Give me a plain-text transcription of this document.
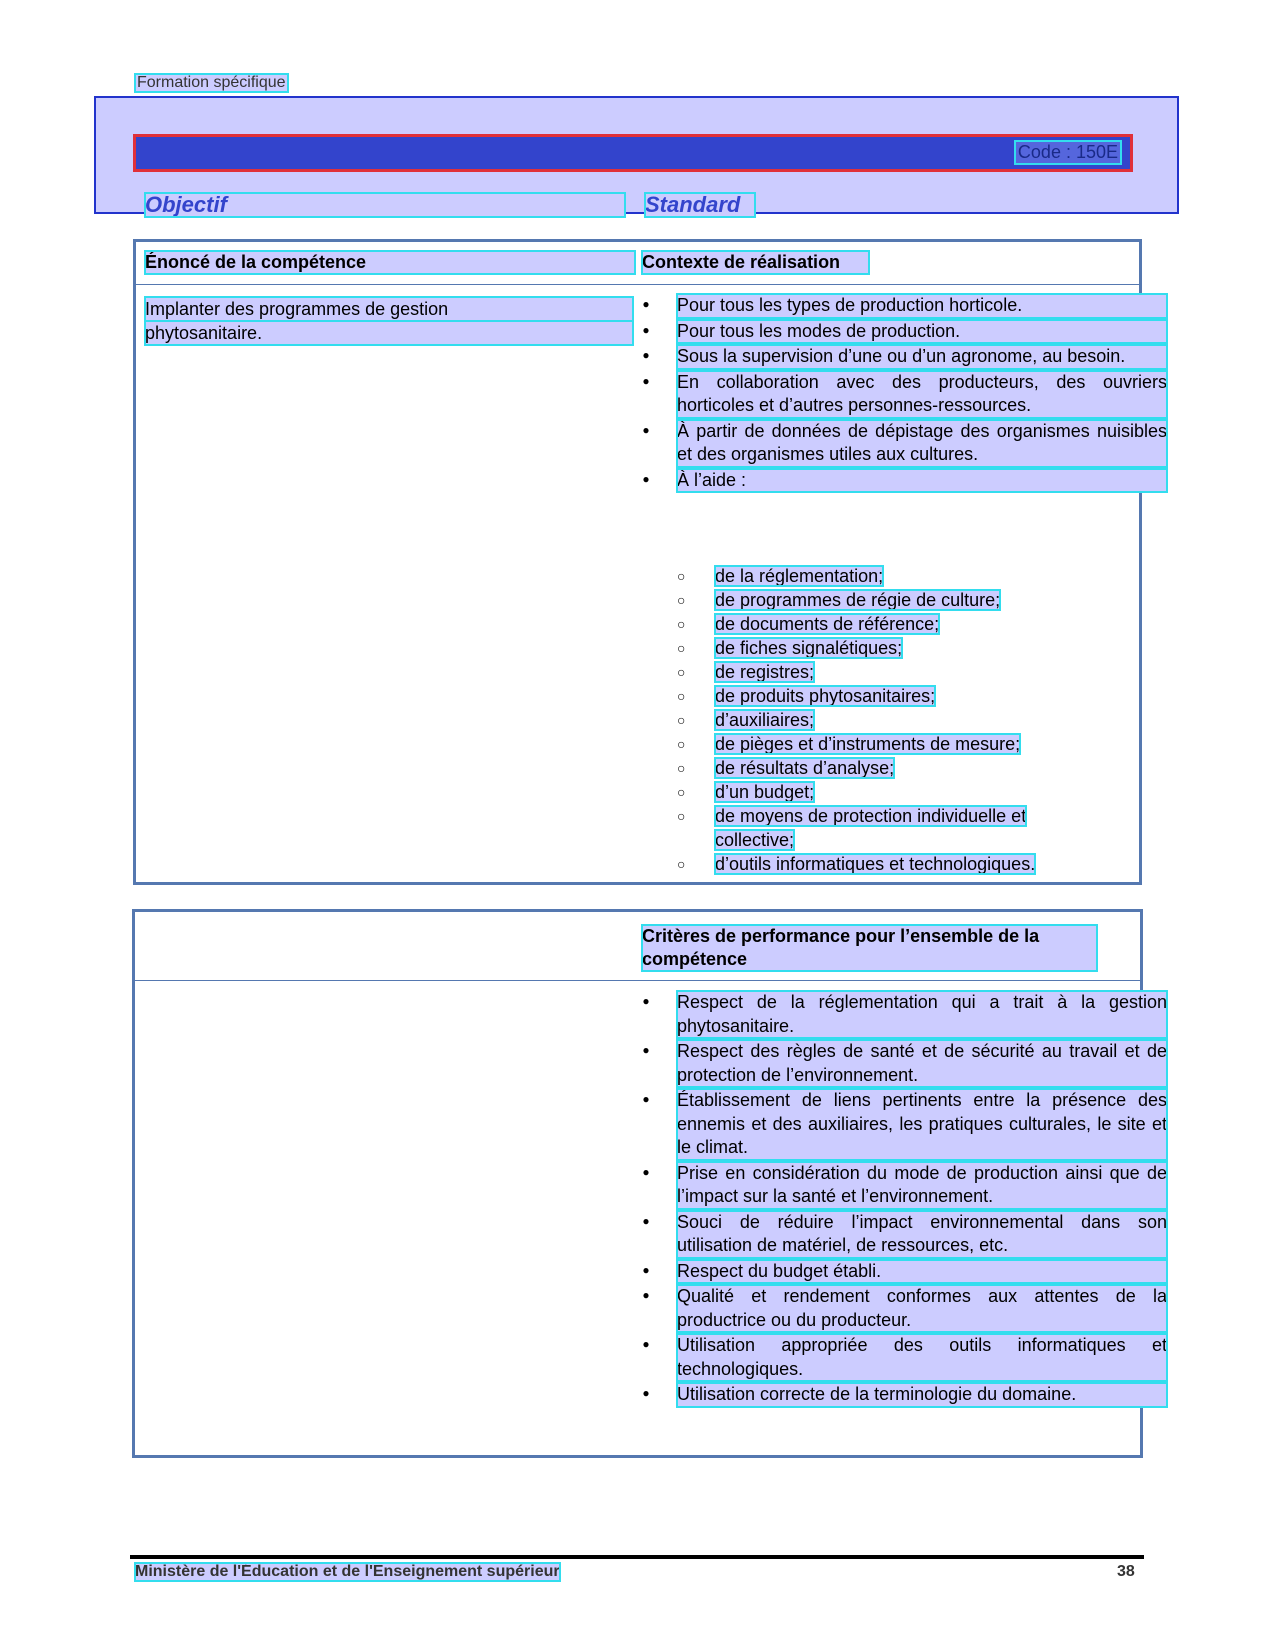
Formation spécifique
Code : 150E
Objectif	Standard
Énoncé de la compétence	Contexte de réalisation
Implanter des programmes de gestion
phytosanitaire.
● Pour tous les types de production horticole.
● Pour tous les modes de production.
● Sous la supervision d’une ou d’un agronome, au besoin.
● En collaboration avec des producteurs, des ouvriers horticoles et d’autres personnes-ressources.
● À partir de données de dépistage des organismes nuisibles et des organismes utiles aux cultures.
● À l’aide :
○ de la réglementation;
○ de programmes de régie de culture;
○ de documents de référence;
○ de fiches signalétiques;
○ de registres;
○ de produits phytosanitaires;
○ d’auxiliaires;
○ de pièges et d’instruments de mesure;
○ de résultats d’analyse;
○ d’un budget;
○ de moyens de protection individuelle et collective;
○ d’outils informatiques et technologiques.
Critères de performance pour l’ensemble de la compétence
● Respect de la réglementation qui a trait à la gestion phytosanitaire.
● Respect des règles de santé et de sécurité au travail et de protection de l’environnement.
● Établissement de liens pertinents entre la présence des ennemis et des auxiliaires, les pratiques culturales, le site et le climat.
● Prise en considération du mode de production ainsi que de l’impact sur la santé et l’environnement.
● Souci de réduire l’impact environnemental dans son utilisation de matériel, de ressources, etc.
● Respect du budget établi.
● Qualité et rendement conformes aux attentes de la productrice ou du producteur.
● Utilisation appropriée des outils informatiques et technologiques.
● Utilisation correcte de la terminologie du domaine.
Ministère de l'Éducation et de l'Enseignement supérieur	38
